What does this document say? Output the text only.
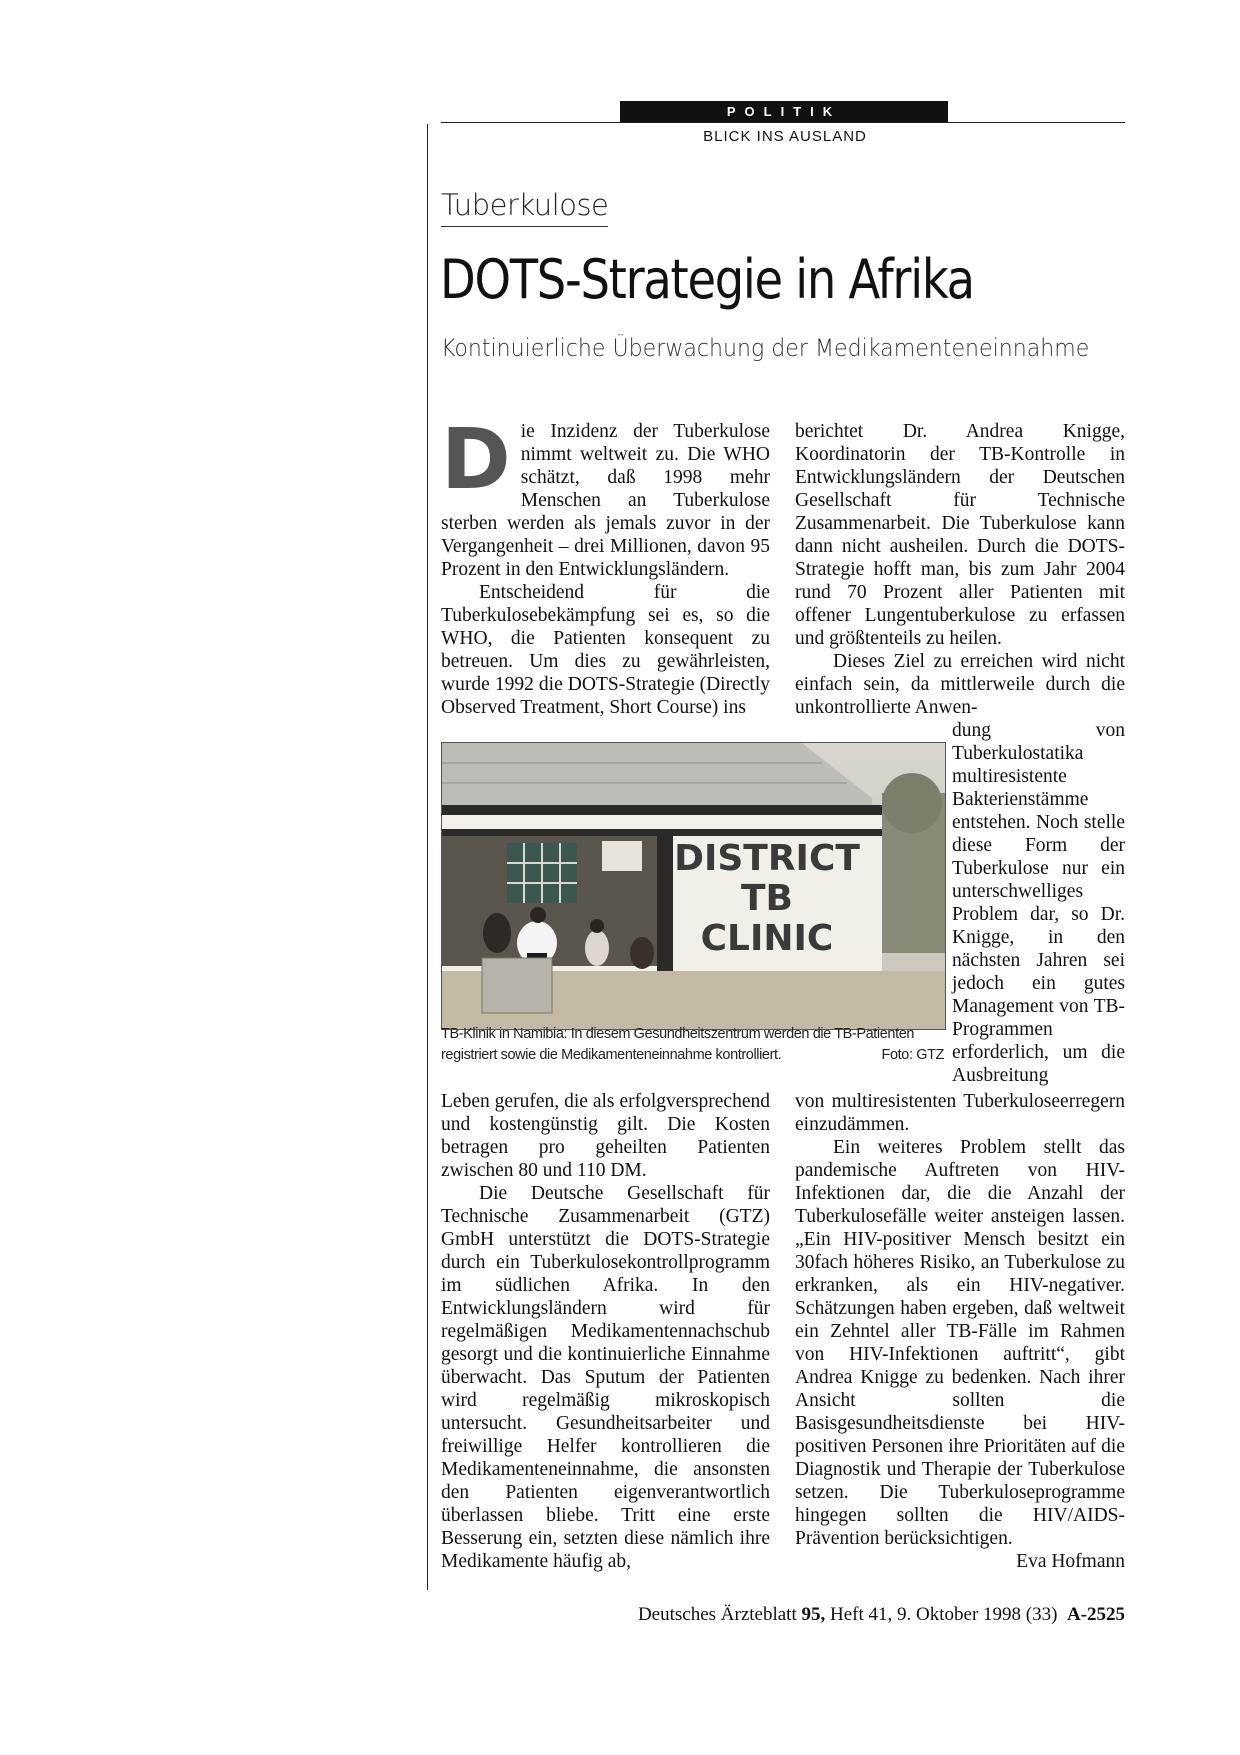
POLITIK
BLICK INS AUSLAND
Tuberkulose
DOTS-Strategie in Afrika
Kontinuierliche Überwachung der Medikamenteneinnahme

Die Inzidenz der Tuberkulose nimmt weltweit zu. Die WHO schätzt, daß 1998 mehr Menschen an Tuberkulose sterben werden als jemals zuvor in der Vergangenheit – drei Millionen, davon 95 Prozent in den Entwicklungsländern.

Entscheidend für die Tuberkulosebekämpfung sei es, so die WHO, die Patienten konsequent zu betreuen. Um dies zu gewährleisten, wurde 1992 die DOTS-Strategie (Directly Observed Treatment, Short Course) ins

berichtet Dr. Andrea Knigge, Koordinatorin der TB-Kontrolle in Entwicklungsländern der Deutschen Gesellschaft für Technische Zusammenarbeit. Die Tuberkulose kann dann nicht ausheilen. Durch die DOTS-Strategie hofft man, bis zum Jahr 2004 rund 70 Prozent aller Patienten mit offener Lungentuberkulose zu erfassen und größtenteils zu heilen.

Dieses Ziel zu erreichen wird nicht einfach sein, da mittlerweile durch die unkontrollierte Anwen-

DISTRICT
TB
CLINIC
TB-Klinik in Namibia: In diesem Gesundheitszentrum werden die TB-Patienten registriert sowie die Medikamenteneinnahme kontrolliert.	Foto: GTZ

dung von Tuberkulostatika multiresistente Bakterienstämme entstehen. Noch stelle diese Form der Tuberkulose nur ein unterschwelliges Problem dar, so Dr. Knigge, in den nächsten Jahren sei jedoch ein gutes Management von TB-Programmen erforderlich, um die Ausbreitung

Leben gerufen, die als erfolgversprechend und kostengünstig gilt. Die Kosten betragen pro geheilten Patienten zwischen 80 und 110 DM.

Die Deutsche Gesellschaft für Technische Zusammenarbeit (GTZ) GmbH unterstützt die DOTS-Strategie durch ein Tuberkulosekontrollprogramm im südlichen Afrika. In den Entwicklungsländern wird für regelmäßigen Medikamentennachschub gesorgt und die kontinuierliche Einnahme überwacht. Das Sputum der Patienten wird regelmäßig mikroskopisch untersucht. Gesundheitsarbeiter und freiwillige Helfer kontrollieren die Medikamenteneinnahme, die ansonsten den Patienten eigenverantwortlich überlassen bliebe. Tritt eine erste Besserung ein, setzten diese nämlich ihre Medikamente häufig ab,

von multiresistenten Tuberkuloseerregern einzudämmen.

Ein weiteres Problem stellt das pandemische Auftreten von HIV-Infektionen dar, die die Anzahl der Tuberkulosefälle weiter ansteigen lassen. „Ein HIV-positiver Mensch besitzt ein 30fach höheres Risiko, an Tuberkulose zu erkranken, als ein HIV-negativer. Schätzungen haben ergeben, daß weltweit ein Zehntel aller TB-Fälle im Rahmen von HIV-Infektionen auftritt“, gibt Andrea Knigge zu bedenken. Nach ihrer Ansicht sollten die Basisgesundheitsdienste bei HIV-positiven Personen ihre Prioritäten auf die Diagnostik und Therapie der Tuberkulose setzen. Die Tuberkuloseprogramme hingegen sollten die HIV/AIDS-Prävention berücksichtigen.
Eva Hofmann

Deutsches Ärzteblatt 95, Heft 41, 9. Oktober 1998 (33) A-2525
